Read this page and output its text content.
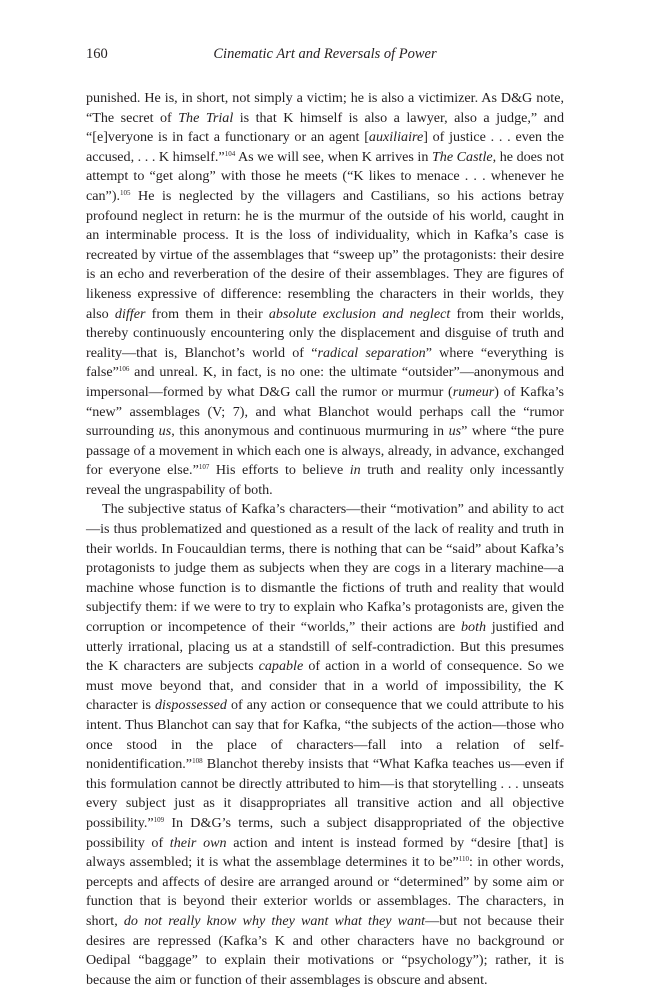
160	Cinematic Art and Reversals of Power

punished. He is, in short, not simply a victim; he is also a victimizer. As D&G note, “The secret of The Trial is that K himself is also a lawyer, also a judge,” and “[e]veryone is in fact a functionary or an agent [auxiliaire] of justice . . . even the accused, . . . K himself.”$^{104}$ As we will see, when K arrives in The Castle, he does not attempt to “get along” with those he meets (“K likes to menace . . . whenever he can”).$^{105}$ He is neglected by the villagers and Castilians, so his actions betray profound neglect in return: he is the murmur of the outside of his world, caught in an interminable process. It is the loss of individuality, which in Kafka’s case is recreated by virtue of the assemblages that “sweep up” the protagonists: their desire is an echo and reverberation of the desire of their assemblages. They are figures of likeness expressive of difference: resembling the characters in their worlds, they also differ from them in their absolute exclusion and neglect from their worlds, thereby continuously encountering only the displacement and disguise of truth and reality—that is, Blanchot’s world of “radical separation” where “everything is false”$^{106}$ and unreal. K, in fact, is no one: the ultimate “outsider”—anonymous and impersonal—formed by what D&G call the rumor or murmur (rumeur) of Kafka’s “new” assemblages (V; 7), and what Blanchot would perhaps call the “rumor surrounding us, this anonymous and continuous murmuring in us” where “the pure passage of a movement in which each one is always, already, in advance, exchanged for everyone else.”$^{107}$ His efforts to believe in truth and reality only incessantly reveal the ungraspability of both.

The subjective status of Kafka’s characters—their “motivation” and ability to act—is thus problematized and questioned as a result of the lack of reality and truth in their worlds. In Foucauldian terms, there is nothing that can be “said” about Kafka’s protagonists to judge them as subjects when they are cogs in a literary machine—a machine whose function is to dismantle the fictions of truth and reality that would subjectify them: if we were to try to explain who Kafka’s protagonists are, given the corruption or incompetence of their “worlds,” their actions are both justified and utterly irrational, placing us at a standstill of self-contradiction. But this presumes the K characters are subjects capable of action in a world of consequence. So we must move beyond that, and consider that in a world of impossibility, the K character is dispossessed of any action or consequence that we could attribute to his intent. Thus Blanchot can say that for Kafka, “the subjects of the action—those who once stood in the place of characters—fall into a relation of self-nonidentification.”$^{108}$ Blanchot thereby insists that “What Kafka teaches us—even if this formulation cannot be directly attributed to him—is that storytelling . . . unseats every subject just as it disappropriates all transitive action and all objective possibility.”$^{109}$ In D&G’s terms, such a subject disappropriated of the objective possibility of their own action and intent is instead formed by “desire [that] is always assembled; it is what the assemblage determines it to be”$^{110}$: in other words, percepts and affects of desire are arranged around or “determined” by some aim or function that is beyond their exterior worlds or assemblages. The characters, in short, do not really know why they want what they want—but not because their desires are repressed (Kafka’s K and other characters have no background or Oedipal “baggage” to explain their motivations or “psychology”); rather, it is because the aim or function of their assemblages is obscure and absent.
